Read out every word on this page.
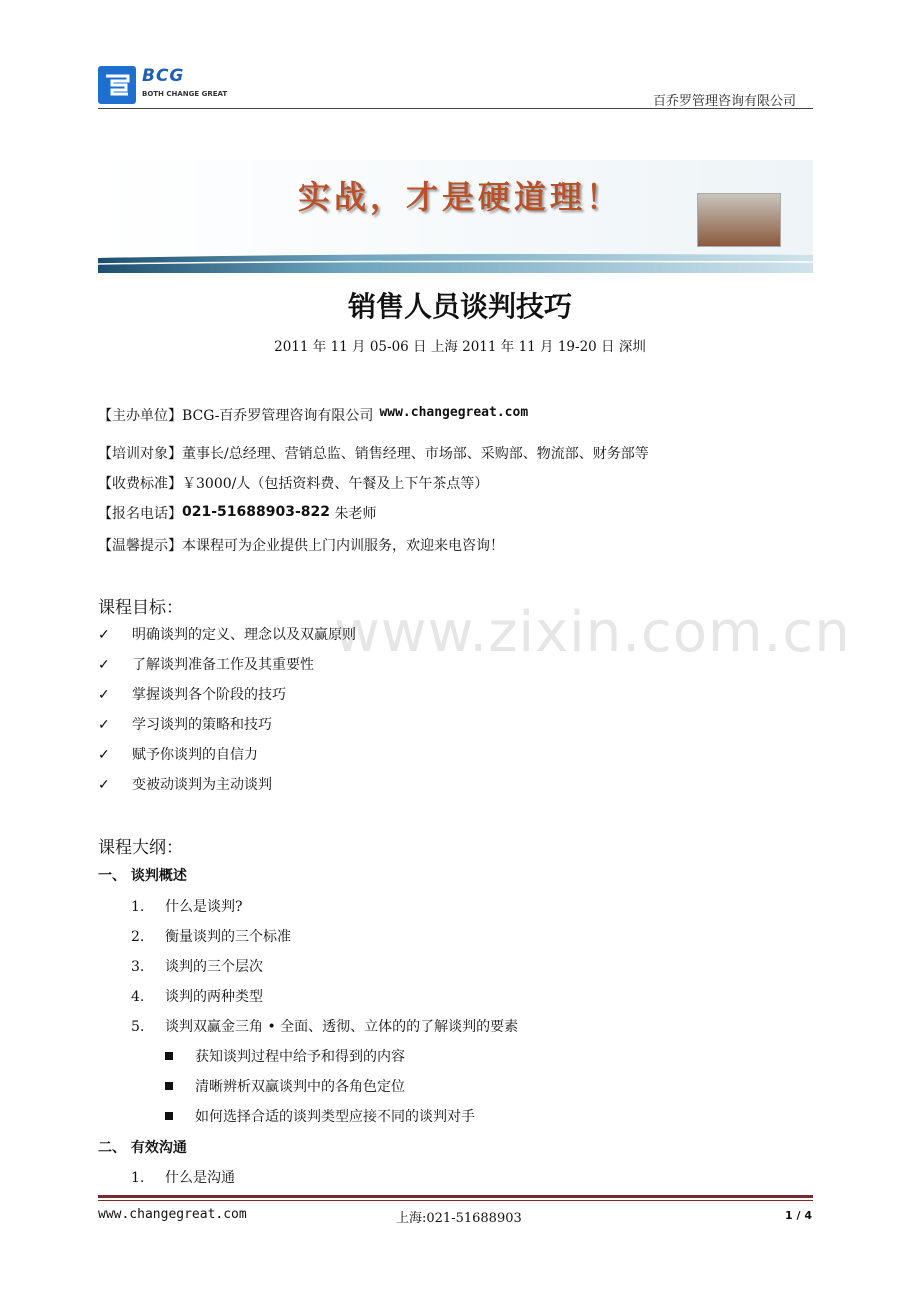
BCG
BOTH CHANGE GREAT	百乔罗管理咨询有限公司
实战，才是硬道理！
销售人员谈判技巧
2011 年 11 月 05-06 日 上海 2011 年 11 月 19-20 日 深圳
【主办单位】BCG-百乔罗管理咨询有限公司 www.changegreat.com
【培训对象】董事长/总经理、营销总监、销售经理、市场部、采购部、物流部、财务部等
【收费标准】￥3000/人（包括资料费、午餐及上下午茶点等）
【报名电话】021-51688903-822 朱老师
【温馨提示】本课程可为企业提供上门内训服务，欢迎来电咨询！
www.zixin.com.cn
课程目标：
✓ 明确谈判的定义、理念以及双赢原则
✓ 了解谈判准备工作及其重要性
✓ 掌握谈判各个阶段的技巧
✓ 学习谈判的策略和技巧
✓ 赋予你谈判的自信力
✓ 变被动谈判为主动谈判
课程大纲：
一、 谈判概述
1. 什么是谈判?
2. 衡量谈判的三个标准
3. 谈判的三个层次
4. 谈判的两种类型
5. 谈判双赢金三角 • 全面、透彻、立体的的了解谈判的要素
获知谈判过程中给予和得到的内容
清晰辨析双赢谈判中的各角色定位
如何选择合适的谈判类型应接不同的谈判对手
二、 有效沟通
1. 什么是沟通
www.changegreat.com	上海:021-51688903	1 / 4
